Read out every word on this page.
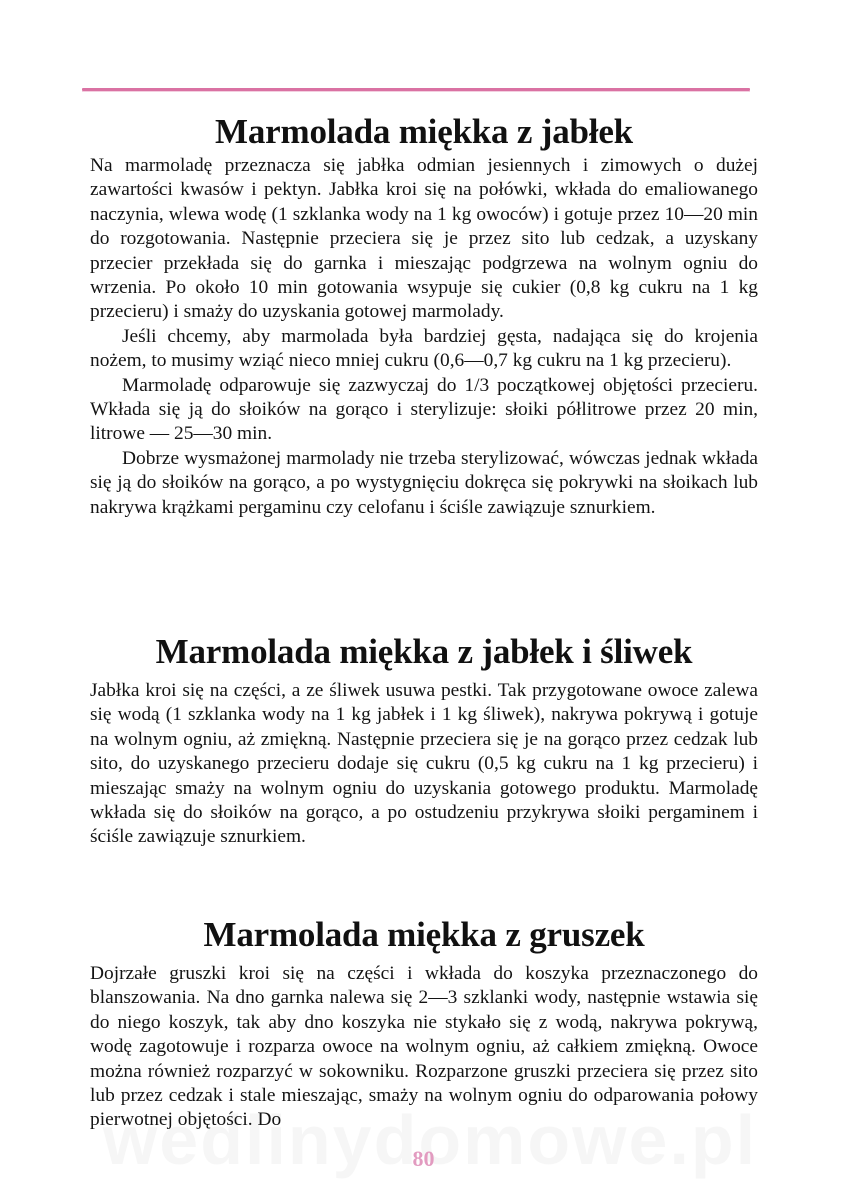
Marmolada miękka z jabłek

Na marmoladę przeznacza się jabłka odmian jesiennych i zimowych o dużej zawartości kwasów i pektyn. Jabłka kroi się na połówki, wkłada do emaliowanego naczynia, wlewa wodę (1 szklanka wody na 1 kg owoców) i gotuje przez 10—20 min do rozgotowania. Następnie przeciera się je przez sito lub cedzak, a uzyskany przecier przekłada się do garnka i mieszając podgrzewa na wolnym ogniu do wrzenia. Po około 10 min gotowania wsypuje się cukier (0,8 kg cukru na 1 kg przecieru) i smaży do uzyskania gotowej marmolady.

Jeśli chcemy, aby marmolada była bardziej gęsta, nadająca się do krojenia nożem, to musimy wziąć nieco mniej cukru (0,6—0,7 kg cukru na 1 kg przecieru).

Marmoladę odparowuje się zazwyczaj do 1/3 początkowej objętości przecieru. Wkłada się ją do słoików na gorąco i sterylizuje: słoiki półlitrowe przez 20 min, litrowe — 25—30 min.

Dobrze wysmażonej marmolady nie trzeba sterylizować, wówczas jednak wkłada się ją do słoików na gorąco, a po wystygnięciu dokręca się pokrywki na słoikach lub nakrywa krążkami pergaminu czy celofanu i ściśle zawiązuje sznurkiem.

Marmolada miękka z jabłek i śliwek

Jabłka kroi się na części, a ze śliwek usuwa pestki. Tak przygotowane owoce zalewa się wodą (1 szklanka wody na 1 kg jabłek i 1 kg śliwek), nakrywa pokrywą i gotuje na wolnym ogniu, aż zmiękną. Następnie przeciera się je na gorąco przez cedzak lub sito, do uzyskanego przecieru dodaje się cukru (0,5 kg cukru na 1 kg przecieru) i mieszając smaży na wolnym ogniu do uzyskania gotowego produktu. Marmoladę wkłada się do słoików na gorąco, a po ostudzeniu przykrywa słoiki pergaminem i ściśle zawiązuje sznurkiem.

Marmolada miękka z gruszek

Dojrzałe gruszki kroi się na części i wkłada do koszyka przeznaczonego do blanszowania. Na dno garnka nalewa się 2—3 szklanki wody, następnie wstawia się do niego koszyk, tak aby dno koszyka nie stykało się z wodą, nakrywa pokrywą, wodę zagotowuje i rozparza owoce na wolnym ogniu, aż całkiem zmiękną. Owoce można również rozparzyć w sokowniku. Rozparzone gruszki przeciera się przez sito lub przez cedzak i stale mieszając, smaży na wolnym ogniu do odparowania połowy pierwotnej objętości. Do

80
